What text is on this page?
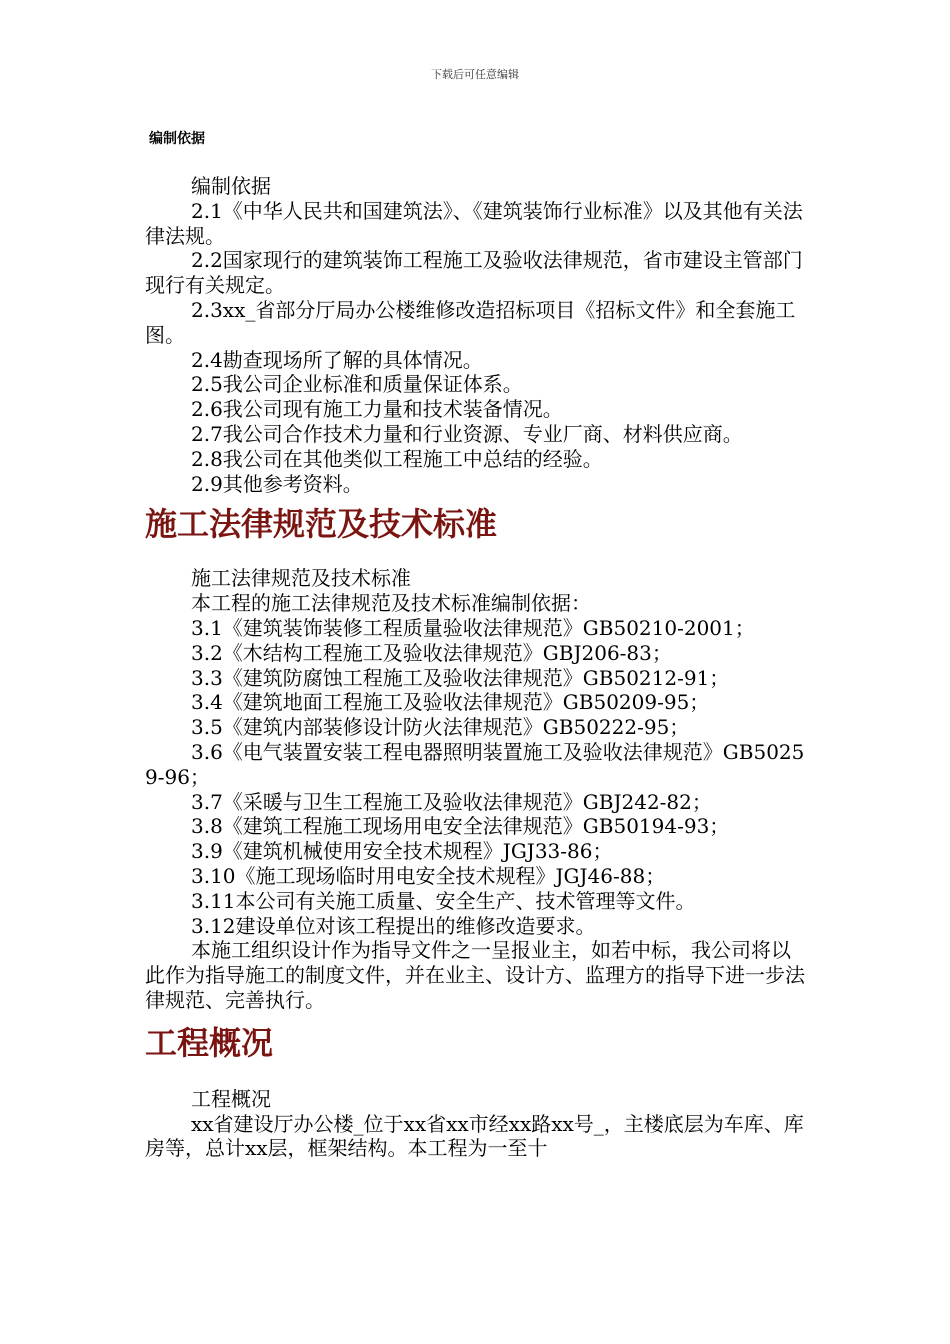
下载后可任意编辑
编制依据

编制依据

2.1《中华人民共和国建筑法》、《建筑装饰行业标准》以及其他有关法律法规。

2.2国家现行的建筑装饰工程施工及验收法律规范，省市建设主管部门现行有关规定。

2.3xx_省部分厅局办公楼维修改造招标项目《招标文件》和全套施工图。

2.4勘查现场所了解的具体情况。

2.5我公司企业标准和质量保证体系。

2.6我公司现有施工力量和技术装备情况。

2.7我公司合作技术力量和行业资源、专业厂商、材料供应商。

2.8我公司在其他类似工程施工中总结的经验。

2.9其他参考资料。

施工法律规范及技术标准

施工法律规范及技术标准

本工程的施工法律规范及技术标准编制依据：

3.1《建筑装饰装修工程质量验收法律规范》GB50210-2001；

3.2《木结构工程施工及验收法律规范》GBJ206-83；

3.3《建筑防腐蚀工程施工及验收法律规范》GB50212-91；

3.4《建筑地面工程施工及验收法律规范》GB50209-95；

3.5《建筑内部装修设计防火法律规范》GB50222-95；

3.6《电气装置安装工程电器照明装置施工及验收法律规范》GB50259-96；

3.7《采暖与卫生工程施工及验收法律规范》GBJ242-82；

3.8《建筑工程施工现场用电安全法律规范》GB50194-93；

3.9《建筑机械使用安全技术规程》JGJ33-86；

3.10《施工现场临时用电安全技术规程》JGJ46-88；

3.11本公司有关施工质量、安全生产、技术管理等文件。

3.12建设单位对该工程提出的维修改造要求。

本施工组织设计作为指导文件之一呈报业主，如若中标，我公司将以此作为指导施工的制度文件，并在业主、设计方、监理方的指导下进一步法律规范、完善执行。

工程概况

工程概况

xx省建设厅办公楼_位于xx省xx市经xx路xx号_，主楼底层为车库、库房等，总计xx层，框架结构。本工程为一至十
